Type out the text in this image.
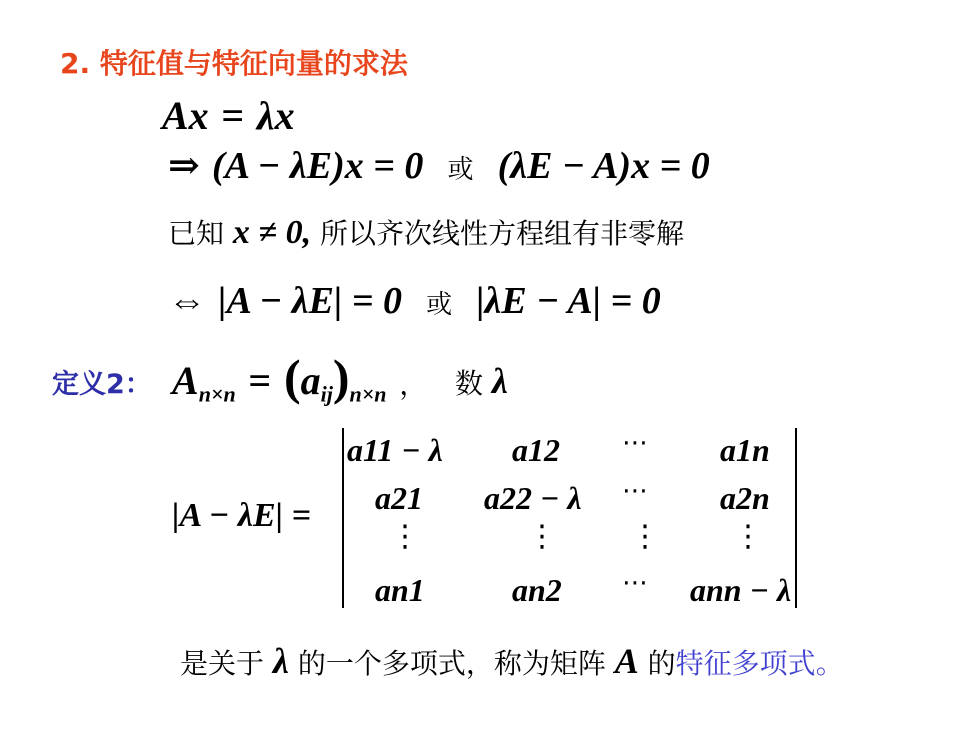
2. 特征值与特征向量的求法
Ax = λx
⇒ (A − λE)x = 0 或 (λE − A)x = 0
已知 x ≠ 0, 所以齐次线性方程组有非零解
⇔ |A − λE| = 0 或 |λE − A| = 0
定义2： $A_{n\times n} = (a_{ij})_{n\times n}$ ， 数 λ
|A − λE| =
a11 − λ a12 ⋯ a1n
a21 a22 − λ ⋯ a2n
⋮	⋮ ⋮ ⋮
an1	an2 ⋯ ann − λ
是关于 λ 的一个多项式，称为矩阵 A 的特征多项式。
